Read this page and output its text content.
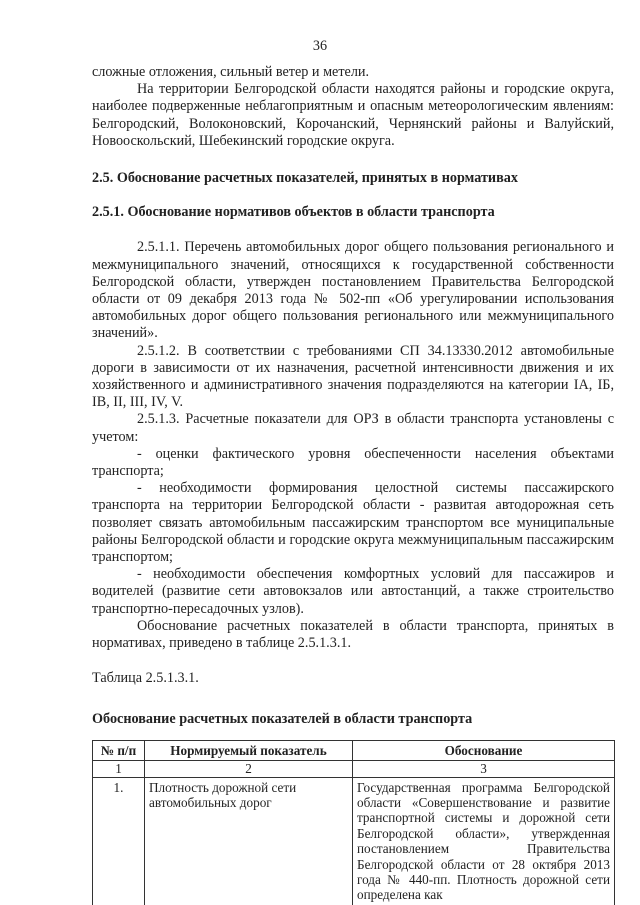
36

сложные отложения, сильный ветер и метели.

На территории Белгородской области находятся районы и городские округа, наиболее подверженные неблагоприятным и опасным метеорологическим явлениям: Белгородский, Волоконовский, Корочанский, Чернянский районы и Валуйский, Новооскольский, Шебекинский городские округа.

2.5. Обоснование расчетных показателей, принятых в нормативах

2.5.1. Обоснование нормативов объектов в области транспорта

2.5.1.1. Перечень автомобильных дорог общего пользования регионального и межмуниципального значений, относящихся к государственной собственности Белгородской области, утвержден постановлением Правительства Белгородской области от 09 декабря 2013 года № 502-пп «Об урегулировании использования автомобильных дорог общего пользования регионального или межмуниципального значений».

2.5.1.2. В соответствии с требованиями СП 34.13330.2012 автомобильные дороги в зависимости от их назначения, расчетной интенсивности движения и их хозяйственного и административного значения подразделяются на категории IA, IБ, IB, II, III, IV, V.

2.5.1.3. Расчетные показатели для ОРЗ в области транспорта установлены с учетом:

- оценки фактического уровня обеспеченности населения объектами транспорта;

- необходимости формирования целостной системы пассажирского транспорта на территории Белгородской области - развитая автодорожная сеть позволяет связать автомобильным пассажирским транспортом все муниципальные районы Белгородской области и городские округа межмуниципальным пассажирским транспортом;

- необходимости обеспечения комфортных условий для пассажиров и водителей (развитие сети автовокзалов или автостанций, а также строительство транспортно-пересадочных узлов).

Обоснование расчетных показателей в области транспорта, принятых в нормативах, приведено в таблице 2.5.1.3.1.

Таблица 2.5.1.3.1.

Обоснование расчетных показателей в области транспорта

№ п/п	Нормируемый показатель	Обоснование
1	2	3
1.	Плотность дорожной сети автомобильных дорог	Государственная программа Белгородской области «Совершенствование и развитие транспортной системы и дорожной сети Белгородской области», утвержденная постановлением Правительства Белгородской области от 28 октября 2013 года № 440-пп. Плотность дорожной сети определена как
